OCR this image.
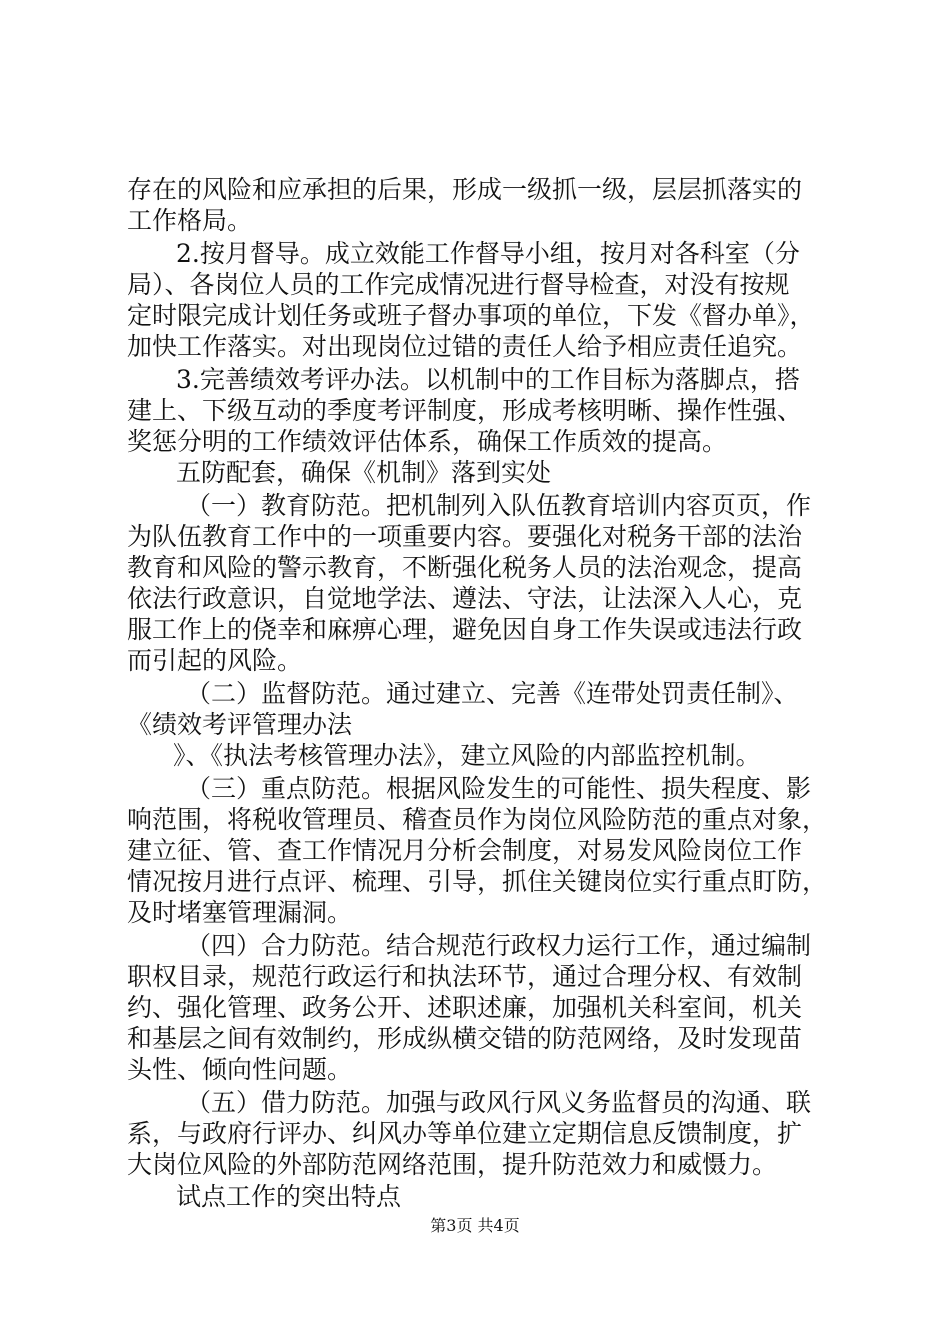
存在的风险和应承担的后果，形成一级抓一级，层层抓落实的
工作格局。
2.按月督导。成立效能工作督导小组，按月对各科室（分
局）、各岗位人员的工作完成情况进行督导检查，对没有按规
定时限完成计划任务或班子督办事项的单位，下发《督办单》，
加快工作落实。对出现岗位过错的责任人给予相应责任追究。
3.完善绩效考评办法。以机制中的工作目标为落脚点，搭
建上、下级互动的季度考评制度，形成考核明晰、操作性强、
奖惩分明的工作绩效评估体系，确保工作质效的提高。
五防配套，确保《机制》落到实处
（一）教育防范。把机制列入队伍教育培训内容页页，作
为队伍教育工作中的一项重要内容。要强化对税务干部的法治
教育和风险的警示教育，不断强化税务人员的法治观念，提高
依法行政意识，自觉地学法、遵法、守法，让法深入人心，克
服工作上的侥幸和麻痹心理，避免因自身工作失误或违法行政
而引起的风险。
（二）监督防范。通过建立、完善《连带处罚责任制》、
《绩效考评管理办法
》、《执法考核管理办法》，建立风险的内部监控机制。
（三）重点防范。根据风险发生的可能性、损失程度、影
响范围，将税收管理员、稽查员作为岗位风险防范的重点对象，
建立征、管、查工作情况月分析会制度，对易发风险岗位工作
情况按月进行点评、梳理、引导，抓住关键岗位实行重点盯防，
及时堵塞管理漏洞。
（四）合力防范。结合规范行政权力运行工作，通过编制
职权目录，规范行政运行和执法环节，通过合理分权、有效制
约、强化管理、政务公开、述职述廉，加强机关科室间，机关
和基层之间有效制约，形成纵横交错的防范网络，及时发现苗
头性、倾向性问题。
（五）借力防范。加强与政风行风义务监督员的沟通、联
系，与政府行评办、纠风办等单位建立定期信息反馈制度，扩
大岗位风险的外部防范网络范围，提升防范效力和威慑力。
试点工作的突出特点
第3页 共4页
